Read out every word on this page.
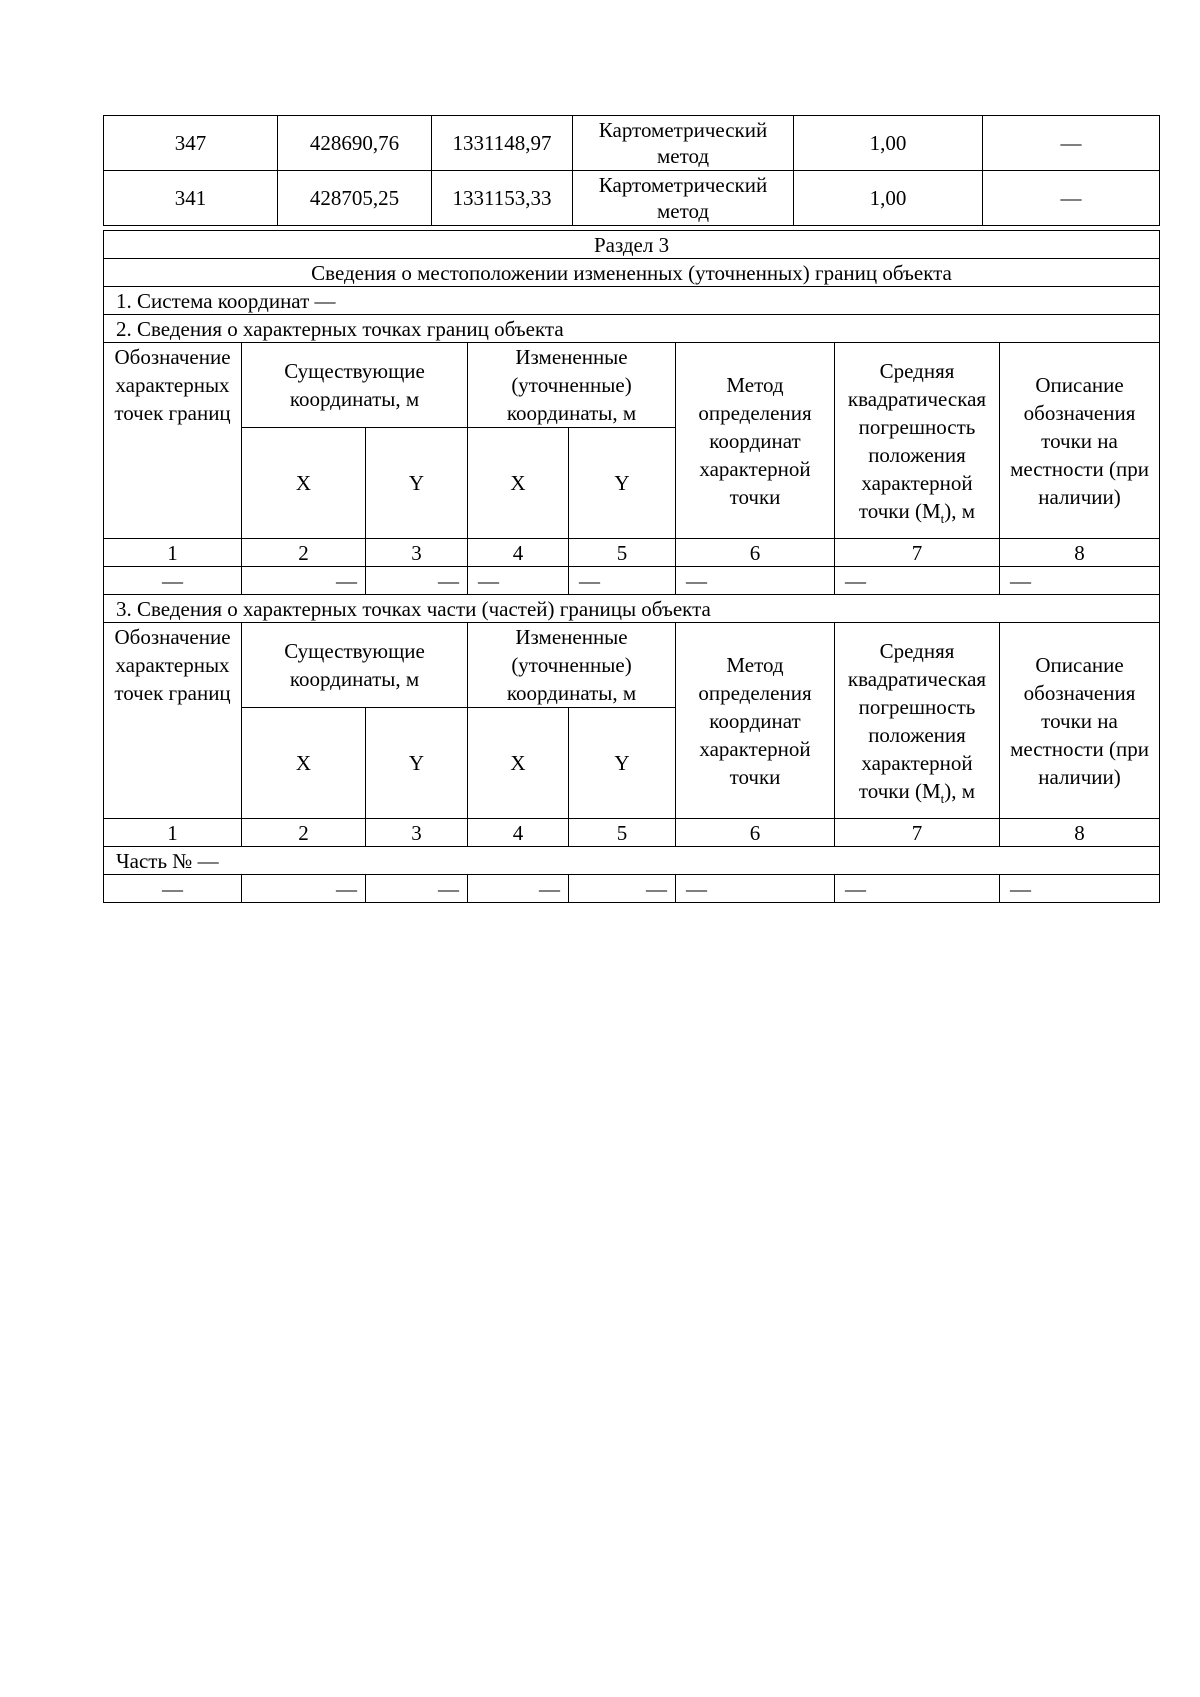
347	428690,76	1331148,97	Картометрический метод	1,00	—
341	428705,25	1331153,33	Картометрический метод	1,00	—
Раздел 3							
Сведения о местоположении измененных (уточненных) границ объекта							
1. Система координат —							
2. Сведения о характерных точках границ объекта							
Обозначение характерных точек границ	Существующие координаты, м		Измененные (уточненные) координаты, м		Метод определения координат характерной точки	Средняя квадратическая погрешность положения характерной точки $(M_t)$, м	Описание обозначения точки на местности (при наличии)
	X	Y	X	Y			
1	2	3	4	5	6	7	8
—	—	—	—	—	—	—	—
3. Сведения о характерных точках части (частей) границы объекта							
Обозначение характерных точек границ	Существующие координаты, м		Измененные (уточненные) координаты, м		Метод определения координат характерной точки	Средняя квадратическая погрешность положения характерной точки $(M_t)$, м	Описание обозначения точки на местности (при наличии)
	X	Y	X	Y			
1	2	3	4	5	6	7	8
Часть № —							
—	—	—	—	—	—	—	—
